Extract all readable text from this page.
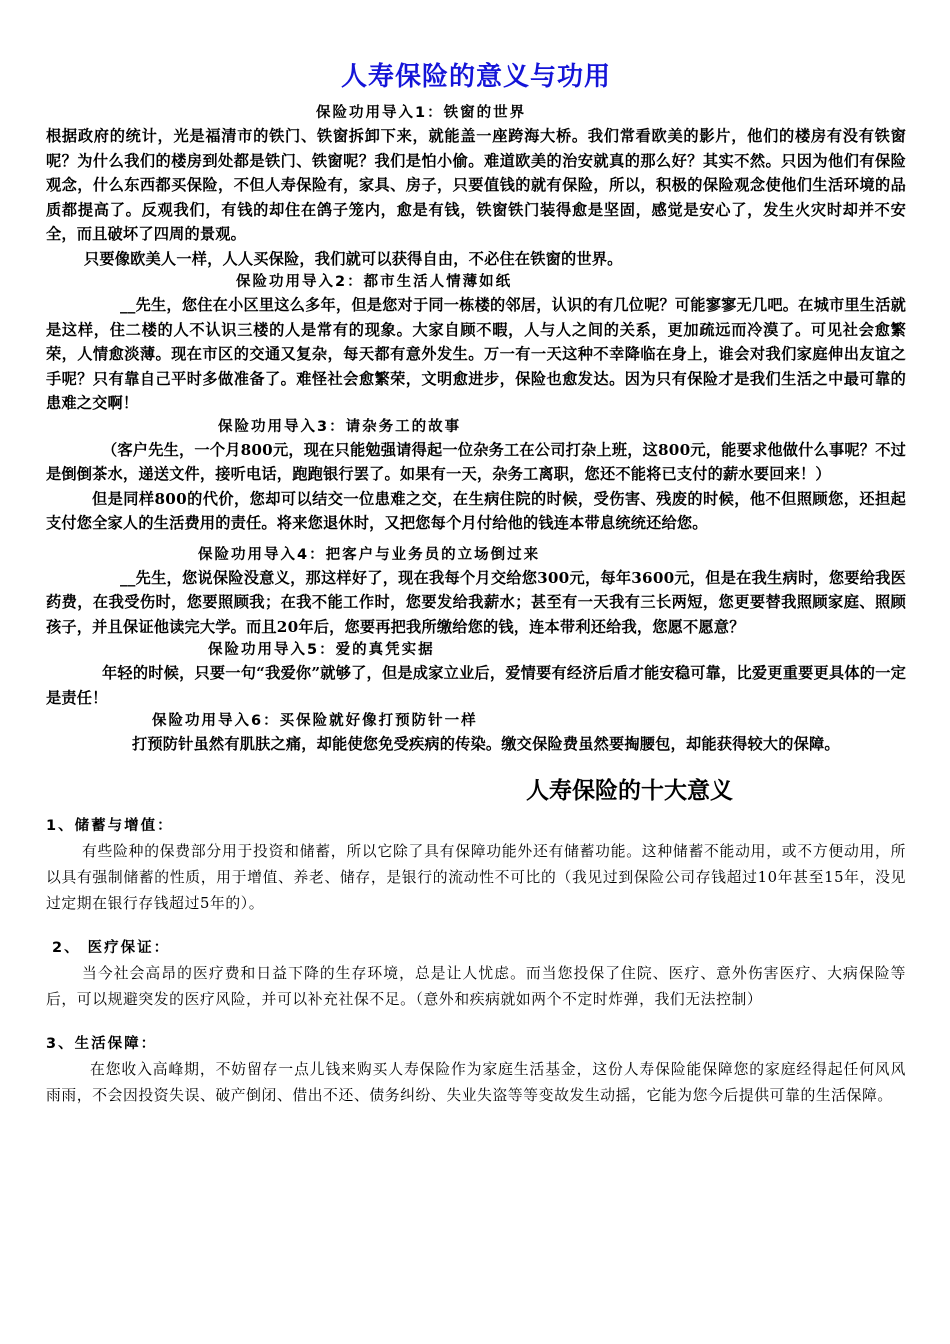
人寿保险的意义与功用
保险功用导入1：铁窗的世界

根据政府的统计，光是福清市的铁门、铁窗拆卸下来，就能盖一座跨海大桥。我们常看欧美的影片，他们的楼房有没有铁窗呢？为什么我们的楼房到处都是铁门、铁窗呢？我们是怕小偷。难道欧美的治安就真的那么好？其实不然。只因为他们有保险观念，什么东西都买保险，不但人寿保险有，家具、房子，只要值钱的就有保险，所以，积极的保险观念使他们生活环境的品质都提高了。反观我们，有钱的却住在鸽子笼内，愈是有钱，铁窗铁门装得愈是坚固，感觉是安心了，发生火灾时却并不安全，而且破坏了四周的景观。

只要像欧美人一样，人人买保险，我们就可以获得自由，不必住在铁窗的世界。

保险功用导入2：都市生活人情薄如纸

__先生，您住在小区里这么多年，但是您对于同一栋楼的邻居，认识的有几位呢？可能寥寥无几吧。在城市里生活就是这样，住二楼的人不认识三楼的人是常有的现象。大家自顾不暇，人与人之间的关系，更加疏远而冷漠了。可见社会愈繁荣，人情愈淡薄。现在市区的交通又复杂，每天都有意外发生。万一有一天这种不幸降临在身上，谁会对我们家庭伸出友谊之手呢？只有靠自己平时多做准备了。难怪社会愈繁荣，文明愈进步，保险也愈发达。因为只有保险才是我们生活之中最可靠的患难之交啊！

保险功用导入3：请杂务工的故事

（客户先生，一个月800元，现在只能勉强请得起一位杂务工在公司打杂上班，这800元，能要求他做什么事呢？不过是倒倒茶水，递送文件，接听电话，跑跑银行罢了。如果有一天，杂务工离职，您还不能将已支付的薪水要回来！）

但是同样800的代价，您却可以结交一位患难之交，在生病住院的时候，受伤害、残废的时候，他不但照顾您，还担起支付您全家人的生活费用的责任。将来您退休时，又把您每个月付给他的钱连本带息统统还给您。

保险功用导入4：把客户与业务员的立场倒过来

__先生，您说保险没意义，那这样好了，现在我每个月交给您300元，每年3600元，但是在我生病时，您要给我医药费，在我受伤时，您要照顾我；在我不能工作时，您要发给我薪水；甚至有一天我有三长两短，您更要替我照顾家庭、照顾孩子，并且保证他读完大学。而且20年后，您要再把我所缴给您的钱，连本带利还给我，您愿不愿意？

保险功用导入5：爱的真凭实据

年轻的时候，只要一句“我爱你”就够了，但是成家立业后，爱情要有经济后盾才能安稳可靠，比爱更重要更具体的一定是责任！

保险功用导入6：买保险就好像打预防针一样

打预防针虽然有肌肤之痛，却能使您免受疾病的传染。缴交保险费虽然要掏腰包，却能获得较大的保障。

人寿保险的十大意义
1、储蓄与增值：

有些险种的保费部分用于投资和储蓄，所以它除了具有保障功能外还有储蓄功能。这种储蓄不能动用，或不方便动用，所以具有强制储蓄的性质，用于增值、养老、储存，是银行的流动性不可比的（我见过到保险公司存钱超过10年甚至15年，没见过定期在银行存钱超过5年的）。

2、 医疗保证：

当今社会高昂的医疗费和日益下降的生存环境，总是让人忧虑。而当您投保了住院、医疗、意外伤害医疗、大病保险等后，可以规避突发的医疗风险，并可以补充社保不足。（意外和疾病就如两个不定时炸弹，我们无法控制）

3、生活保障：

在您收入高峰期，不妨留存一点儿钱来购买人寿保险作为家庭生活基金，这份人寿保险能保障您的家庭经得起任何风风雨雨，不会因投资失误、破产倒闭、借出不还、债务纠纷、失业失盗等等变故发生动摇，它能为您今后提供可靠的生活保障。
